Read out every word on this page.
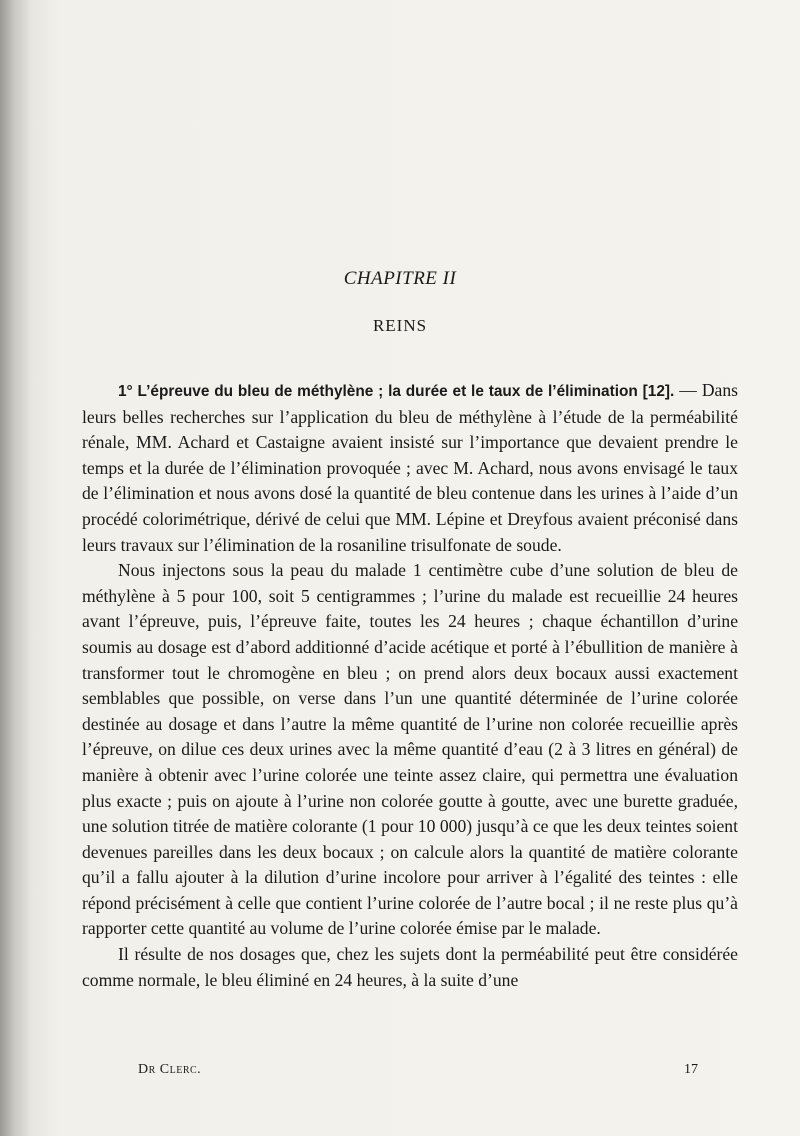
CHAPITRE II
REINS

1° L’épreuve du bleu de méthylène ; la durée et le taux de l’élimination [12]. — Dans leurs belles recherches sur l’application du bleu de méthylène à l’étude de la perméabilité rénale, MM. Achard et Castaigne avaient insisté sur l’importance que devaient prendre le temps et la durée de l’élimination provoquée ; avec M. Achard, nous avons envisagé le taux de l’élimination et nous avons dosé la quantité de bleu contenue dans les urines à l’aide d’un procédé colorimétrique, dérivé de celui que MM. Lépine et Dreyfous avaient préconisé dans leurs travaux sur l’élimination de la rosaniline trisulfonate de soude.

Nous injectons sous la peau du malade 1 centimètre cube d’une solution de bleu de méthylène à 5 pour 100, soit 5 centigrammes ; l’urine du malade est recueillie 24 heures avant l’épreuve, puis, l’épreuve faite, toutes les 24 heures ; chaque échantillon d’urine soumis au dosage est d’abord additionné d’acide acétique et porté à l’ébullition de manière à transformer tout le chromogène en bleu ; on prend alors deux bocaux aussi exactement semblables que possible, on verse dans l’un une quantité déterminée de l’urine colorée destinée au dosage et dans l’autre la même quantité de l’urine non colorée recueillie après l’épreuve, on dilue ces deux urines avec la même quantité d’eau (2 à 3 litres en général) de manière à obtenir avec l’urine colorée une teinte assez claire, qui permettra une évaluation plus exacte ; puis on ajoute à l’urine non colorée goutte à goutte, avec une burette graduée, une solution titrée de matière colorante (1 pour 10 000) jusqu’à ce que les deux teintes soient devenues pareilles dans les deux bocaux ; on calcule alors la quantité de matière colorante qu’il a fallu ajouter à la dilution d’urine incolore pour arriver à l’égalité des teintes : elle répond précisément à celle que contient l’urine colorée de l’autre bocal ; il ne reste plus qu’à rapporter cette quantité au volume de l’urine colorée émise par le malade.

Il résulte de nos dosages que, chez les sujets dont la perméabilité peut être considérée comme normale, le bleu éliminé en 24 heures, à la suite d’une

Dr Clerc.	17
